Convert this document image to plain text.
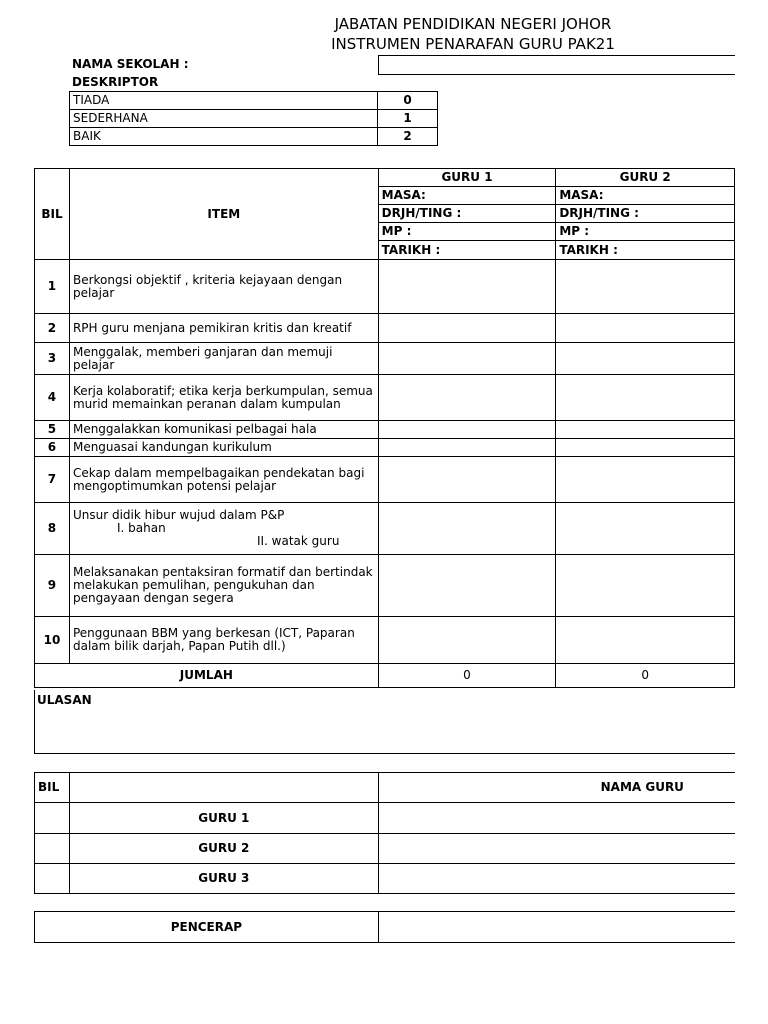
JABATAN PENDIDIKAN NEGERI JOHOR
INSTRUMEN PENARAFAN GURU PAK21
NAMA SEKOLAH :
DESKRIPTOR
TIADA	0
SEDERHANA	1
BAIK	2
BIL	ITEM	GURU 1	GURU 2
		MASA:	MASA:
		DRJH/TING :	DRJH/TING :
		MP :	MP :
		TARIKH :	TARIKH :
1	Berkongsi objektif , kriteria kejayaan dengan pelajar		
2	RPH guru menjana pemikiran kritis dan kreatif		
3	Menggalak, memberi ganjaran dan memuji pelajar		
4	Kerja kolaboratif; etika kerja berkumpulan, semua murid memainkan peranan dalam kumpulan		
5	Menggalakkan komunikasi pelbagai hala		
6	Menguasai kandungan kurikulum		
7	Cekap dalam mempelbagaikan pendekatan bagi mengoptimumkan potensi pelajar		
8	Unsur didik hibur wujud dalam P&P
I. bahan
II. watak guru		

9	Melaksanakan pentaksiran formatif dan bertindak melakukan pemulihan, pengukuhan dan pengayaan dengan segera		
10	Penggunaan BBM yang berkesan (ICT, Paparan dalam bilik darjah, Papan Putih dll.)		
JUMLAH		0	0
ULASAN
BIL		NAMA GURU
	GURU 1	
	GURU 2	
	GURU 3	
PENCERAP	
